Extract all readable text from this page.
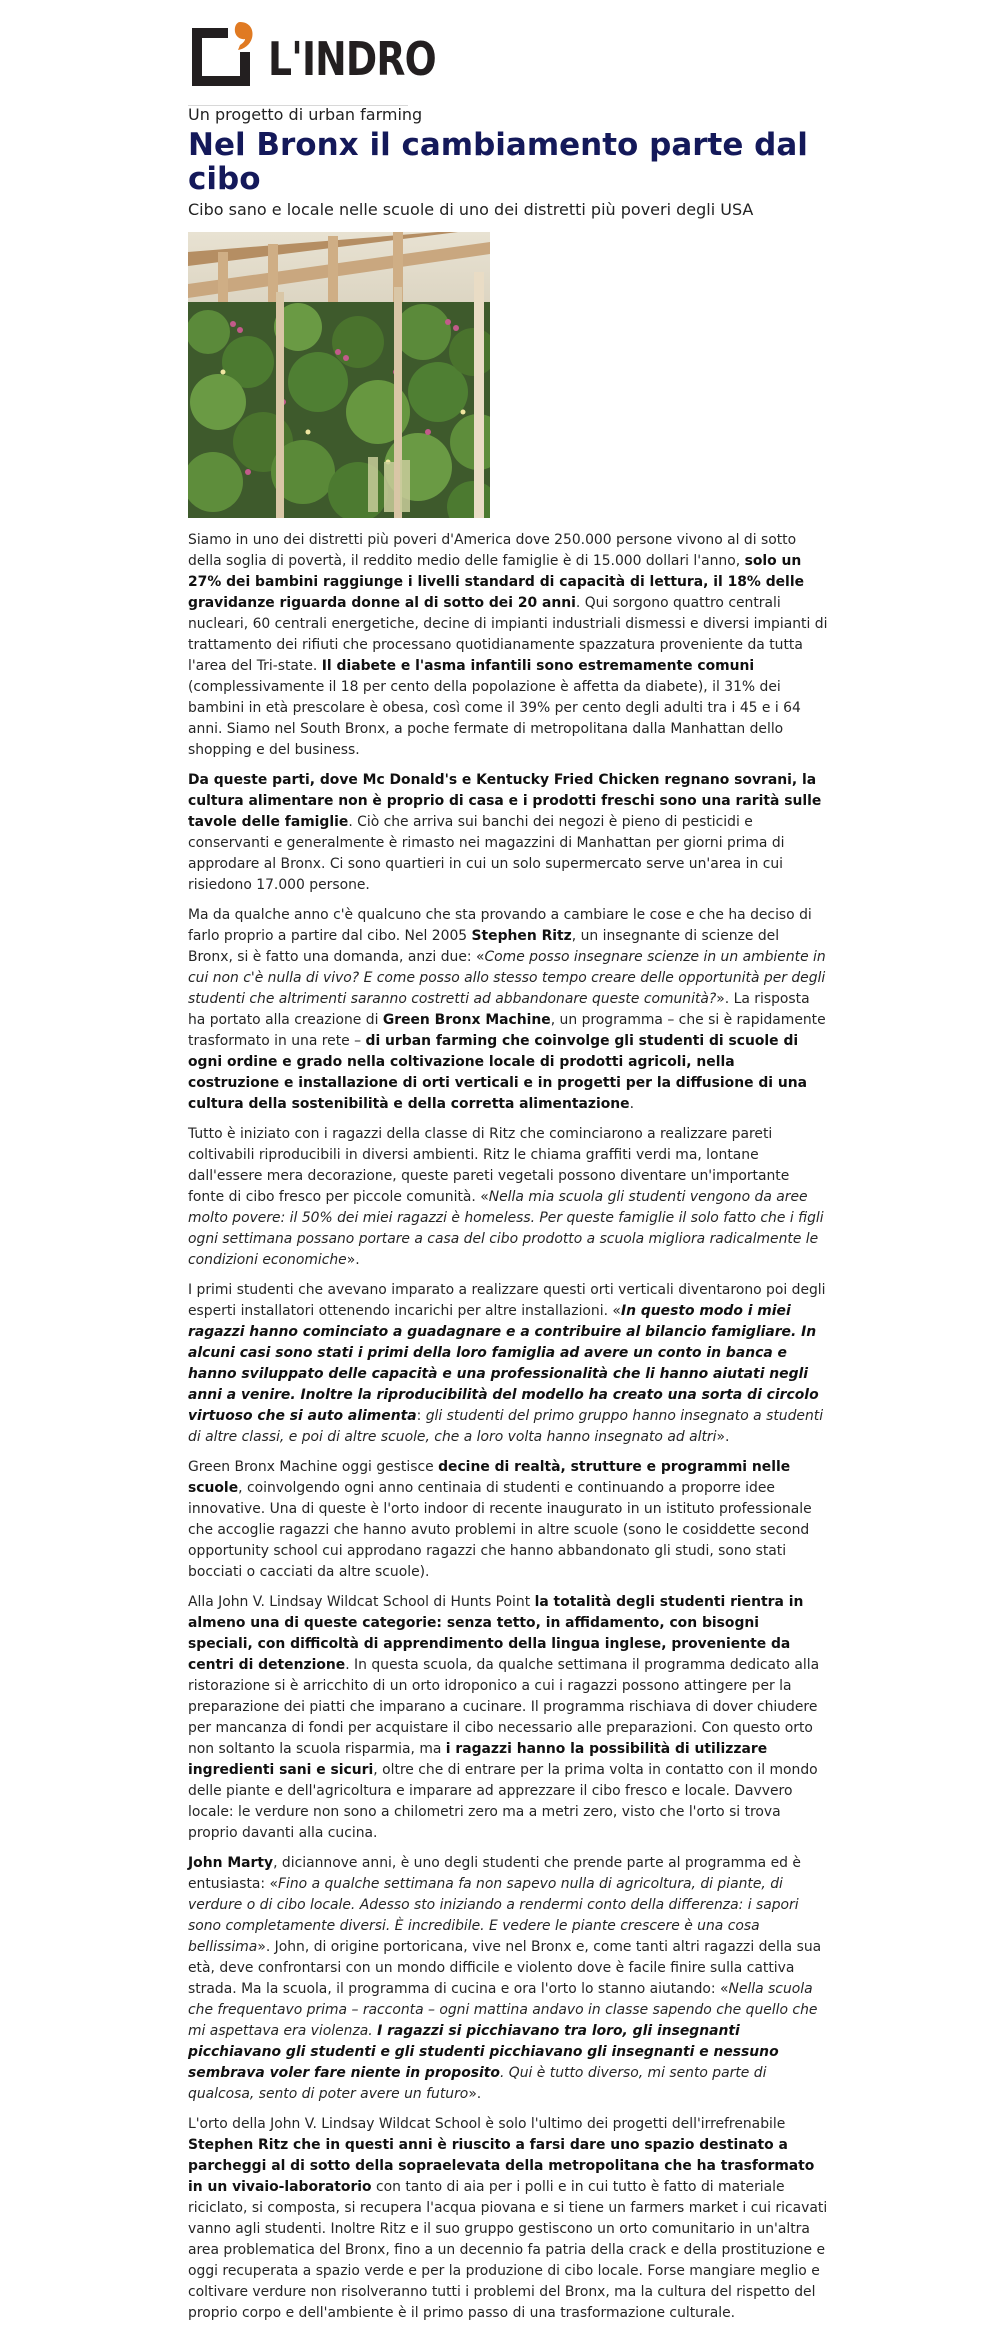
L'INDRO
Un progetto di urban farming
Nel Bronx il cambiamento parte dal cibo
Cibo sano e locale nelle scuole di uno dei distretti più poveri degli USA

Siamo in uno dei distretti più poveri d'America dove 250.000 persone vivono al di sotto della soglia di povertà, il reddito medio delle famiglie è di 15.000 dollari l'anno, solo un 27% dei bambini raggiunge i livelli standard di capacità di lettura, il 18% delle gravidanze riguarda donne al di sotto dei 20 anni. Qui sorgono quattro centrali nucleari, 60 centrali energetiche, decine di impianti industriali dismessi e diversi impianti di trattamento dei rifiuti che processano quotidianamente spazzatura proveniente da tutta l'area del Tri-state. Il diabete e l'asma infantili sono estremamente comuni (complessivamente il 18 per cento della popolazione è affetta da diabete), il 31% dei bambini in età prescolare è obesa, così come il 39% per cento degli adulti tra i 45 e i 64 anni. Siamo nel South Bronx, a poche fermate di metropolitana dalla Manhattan dello shopping e del business.

Da queste parti, dove Mc Donald's e Kentucky Fried Chicken regnano sovrani, la cultura alimentare non è proprio di casa e i prodotti freschi sono una rarità sulle tavole delle famiglie. Ciò che arriva sui banchi dei negozi è pieno di pesticidi e conservanti e generalmente è rimasto nei magazzini di Manhattan per giorni prima di approdare al Bronx. Ci sono quartieri in cui un solo supermercato serve un'area in cui risiedono 17.000 persone.

Ma da qualche anno c'è qualcuno che sta provando a cambiare le cose e che ha deciso di farlo proprio a partire dal cibo. Nel 2005 Stephen Ritz, un insegnante di scienze del Bronx, si è fatto una domanda, anzi due: «Come posso insegnare scienze in un ambiente in cui non c'è nulla di vivo? E come posso allo stesso tempo creare delle opportunità per degli studenti che altrimenti saranno costretti ad abbandonare queste comunità?». La risposta ha portato alla creazione di Green Bronx Machine, un programma – che si è rapidamente trasformato in una rete – di urban farming che coinvolge gli studenti di scuole di ogni ordine e grado nella coltivazione locale di prodotti agricoli, nella costruzione e installazione di orti verticali e in progetti per la diffusione di una cultura della sostenibilità e della corretta alimentazione.

Tutto è iniziato con i ragazzi della classe di Ritz che cominciarono a realizzare pareti coltivabili riproducibili in diversi ambienti. Ritz le chiama graffiti verdi ma, lontane dall'essere mera decorazione, queste pareti vegetali possono diventare un'importante fonte di cibo fresco per piccole comunità. «Nella mia scuola gli studenti vengono da aree molto povere: il 50% dei miei ragazzi è homeless. Per queste famiglie il solo fatto che i figli ogni settimana possano portare a casa del cibo prodotto a scuola migliora radicalmente le condizioni economiche».

I primi studenti che avevano imparato a realizzare questi orti verticali diventarono poi degli esperti installatori ottenendo incarichi per altre installazioni. «In questo modo i miei ragazzi hanno cominciato a guadagnare e a contribuire al bilancio famigliare. In alcuni casi sono stati i primi della loro famiglia ad avere un conto in banca e hanno sviluppato delle capacità e una professionalità che li hanno aiutati negli anni a venire. Inoltre la riproducibilità del modello ha creato una sorta di circolo virtuoso che si auto alimenta: gli studenti del primo gruppo hanno insegnato a studenti di altre classi, e poi di altre scuole, che a loro volta hanno insegnato ad altri».

Green Bronx Machine oggi gestisce decine di realtà, strutture e programmi nelle scuole, coinvolgendo ogni anno centinaia di studenti e continuando a proporre idee innovative. Una di queste è l'orto indoor di recente inaugurato in un istituto professionale che accoglie ragazzi che hanno avuto problemi in altre scuole (sono le cosiddette second opportunity school cui approdano ragazzi che hanno abbandonato gli studi, sono stati bocciati o cacciati da altre scuole).

Alla John V. Lindsay Wildcat School di Hunts Point la totalità degli studenti rientra in almeno una di queste categorie: senza tetto, in affidamento, con bisogni speciali, con difficoltà di apprendimento della lingua inglese, proveniente da centri di detenzione. In questa scuola, da qualche settimana il programma dedicato alla ristorazione si è arricchito di un orto idroponico a cui i ragazzi possono attingere per la preparazione dei piatti che imparano a cucinare. Il programma rischiava di dover chiudere per mancanza di fondi per acquistare il cibo necessario alle preparazioni. Con questo orto non soltanto la scuola risparmia, ma i ragazzi hanno la possibilità di utilizzare ingredienti sani e sicuri, oltre che di entrare per la prima volta in contatto con il mondo delle piante e dell'agricoltura e imparare ad apprezzare il cibo fresco e locale. Davvero locale: le verdure non sono a chilometri zero ma a metri zero, visto che l'orto si trova proprio davanti alla cucina.

John Marty, diciannove anni, è uno degli studenti che prende parte al programma ed è entusiasta: «Fino a qualche settimana fa non sapevo nulla di agricoltura, di piante, di verdure o di cibo locale. Adesso sto iniziando a rendermi conto della differenza: i sapori sono completamente diversi. È incredibile. E vedere le piante crescere è una cosa bellissima». John, di origine portoricana, vive nel Bronx e, come tanti altri ragazzi della sua età, deve confrontarsi con un mondo difficile e violento dove è facile finire sulla cattiva strada. Ma la scuola, il programma di cucina e ora l'orto lo stanno aiutando: «Nella scuola che frequentavo prima – racconta – ogni mattina andavo in classe sapendo che quello che mi aspettava era violenza. I ragazzi si picchiavano tra loro, gli insegnanti picchiavano gli studenti e gli studenti picchiavano gli insegnanti e nessuno sembrava voler fare niente in proposito. Qui è tutto diverso, mi sento parte di qualcosa, sento di poter avere un futuro».

L'orto della John V. Lindsay Wildcat School è solo l'ultimo dei progetti dell'irrefrenabile Stephen Ritz che in questi anni è riuscito a farsi dare uno spazio destinato a parcheggi al di sotto della sopraelevata della metropolitana che ha trasformato in un vivaio-laboratorio con tanto di aia per i polli e in cui tutto è fatto di materiale riciclato, si composta, si recupera l'acqua piovana e si tiene un farmers market i cui ricavati vanno agli studenti. Inoltre Ritz e il suo gruppo gestiscono un orto comunitario in un'altra area problematica del Bronx, fino a un decennio fa patria della crack e della prostituzione e oggi recuperata a spazio verde e per la produzione di cibo locale. Forse mangiare meglio e coltivare verdure non risolveranno tutti i problemi del Bronx, ma la cultura del rispetto del proprio corpo e dell'ambiente è il primo passo di una trasformazione culturale.
